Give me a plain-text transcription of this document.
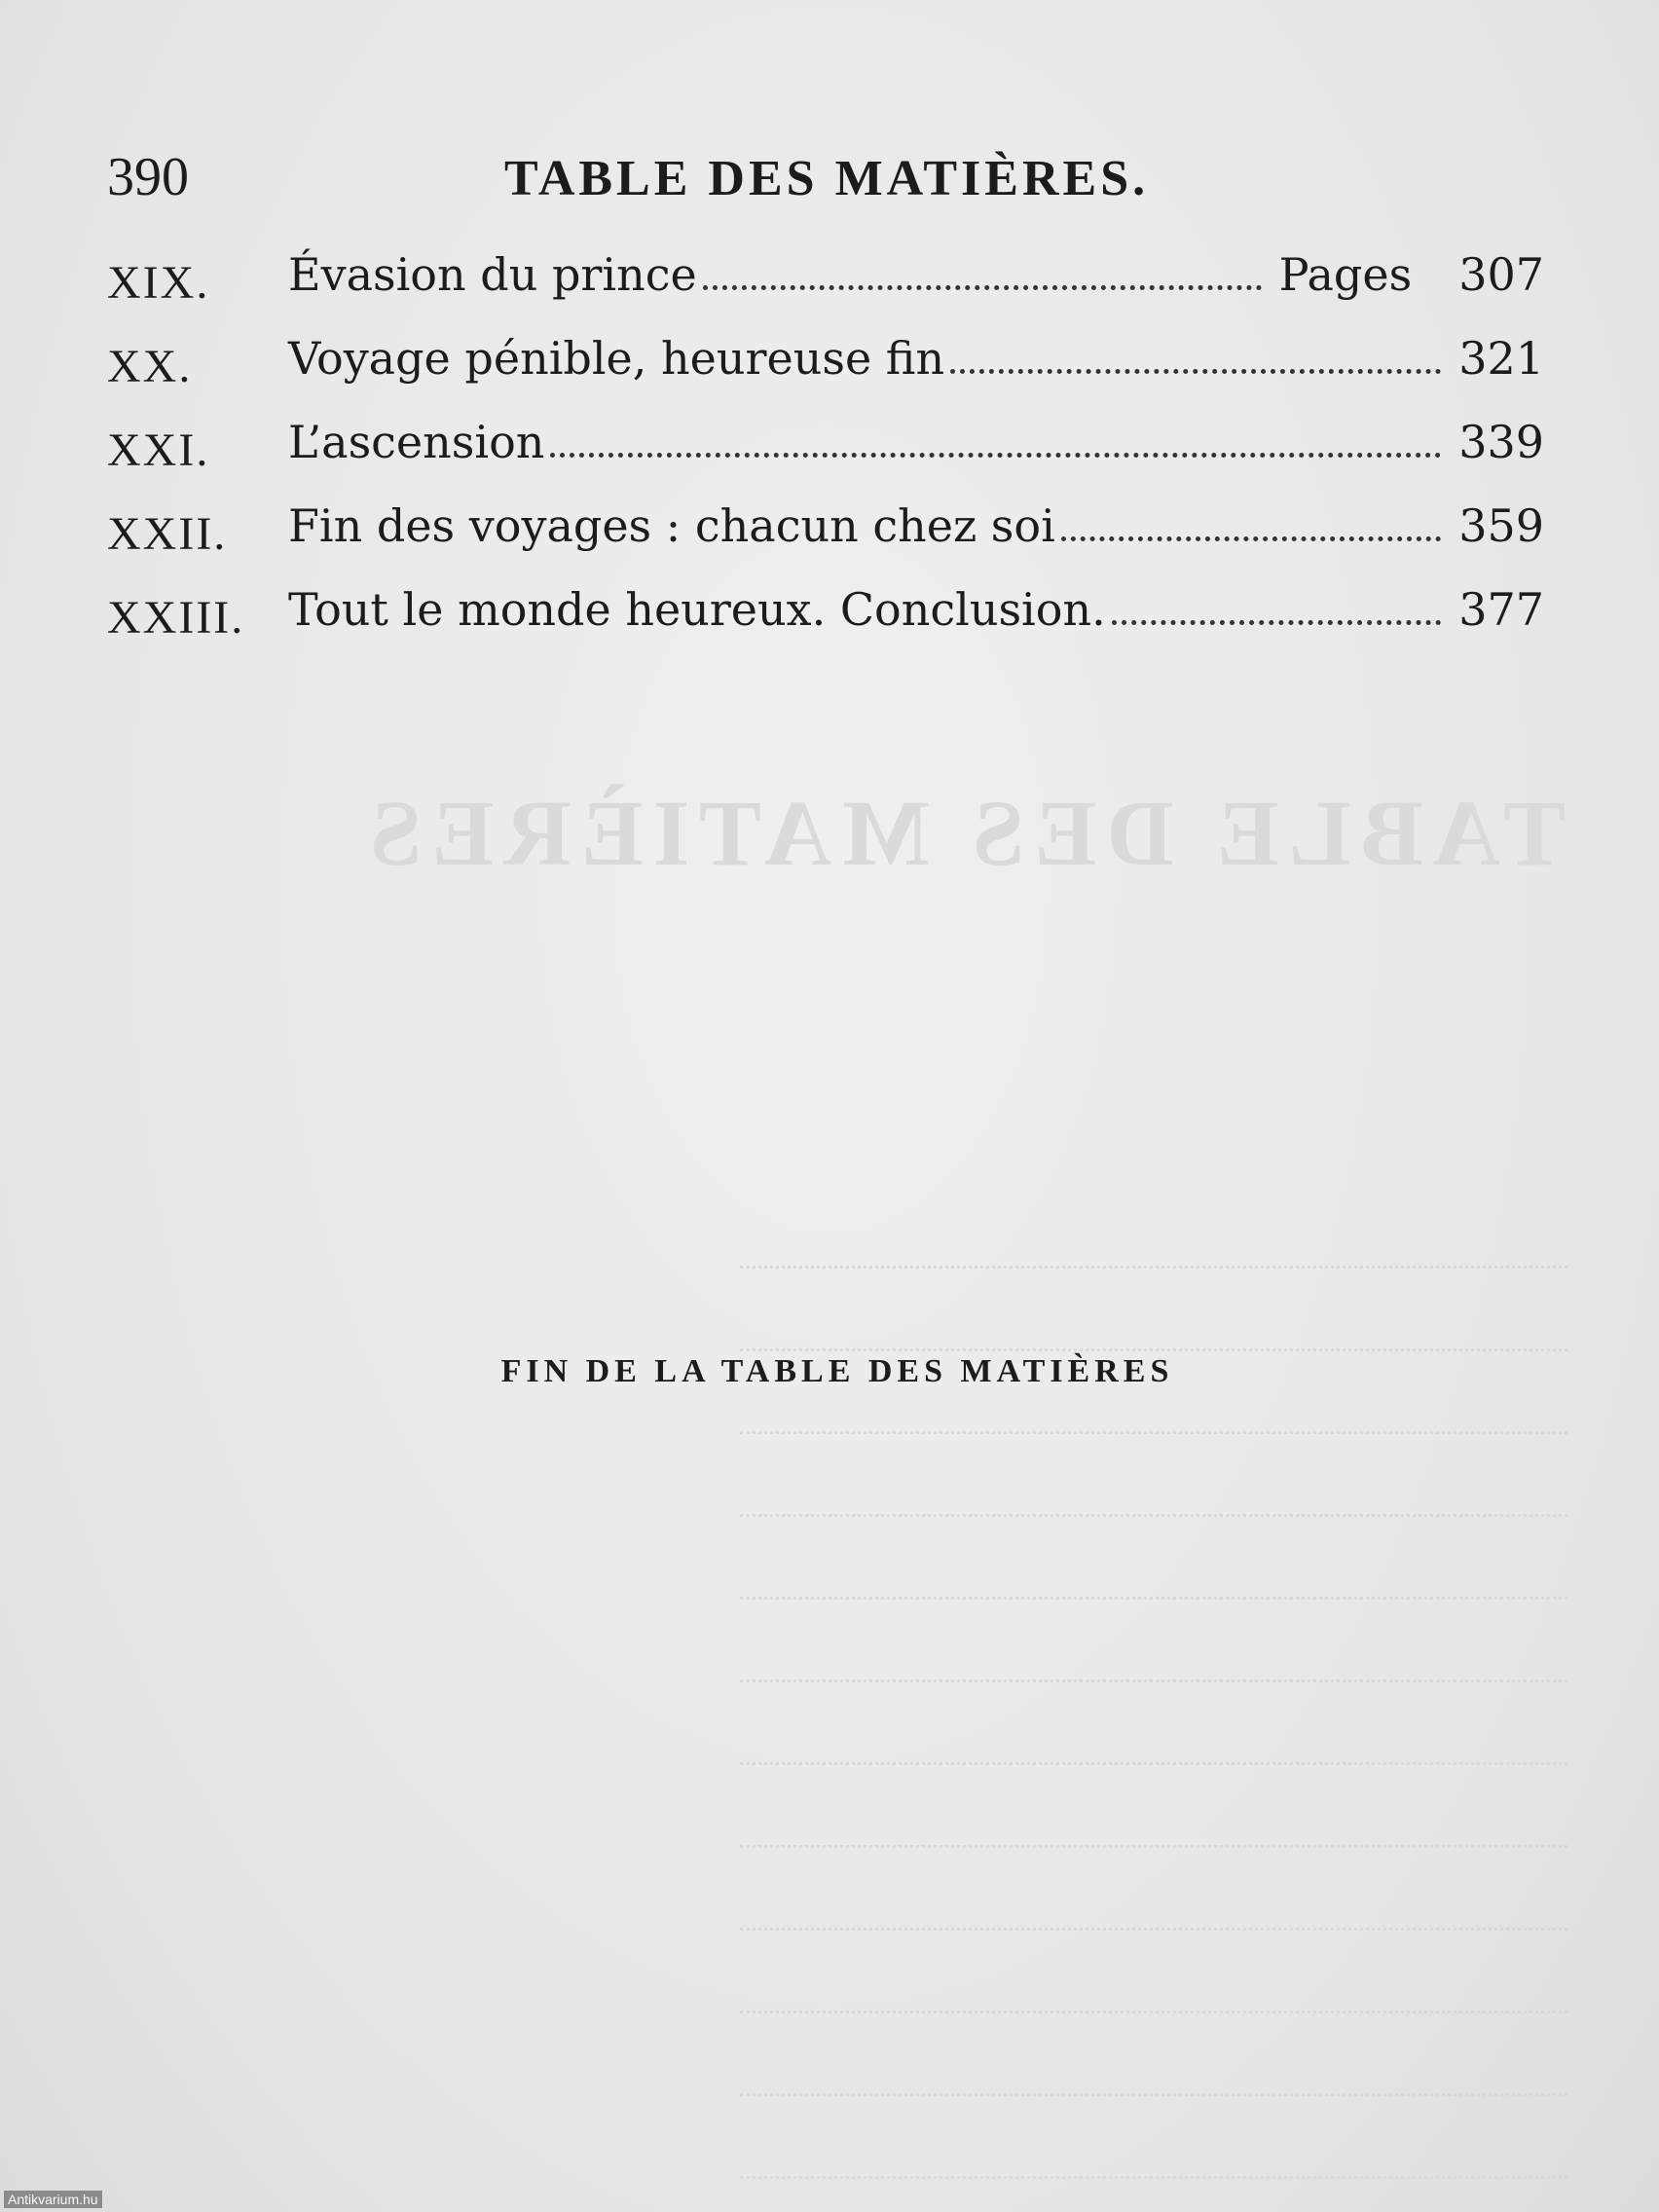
TABLE DES MATIÈRES
390	TABLE DES MATIÈRES.
XIX. Évasion du prince	Pages 307
XX. Voyage pénible, heureuse fin	321
XXI. L’ascension	339
XXII. Fin des voyages : chacun chez soi	359
XXIII. Tout le monde heureux. Conclusion.	377
FIN DE LA TABLE DES MATIÈRES
Antikvarium.hu
